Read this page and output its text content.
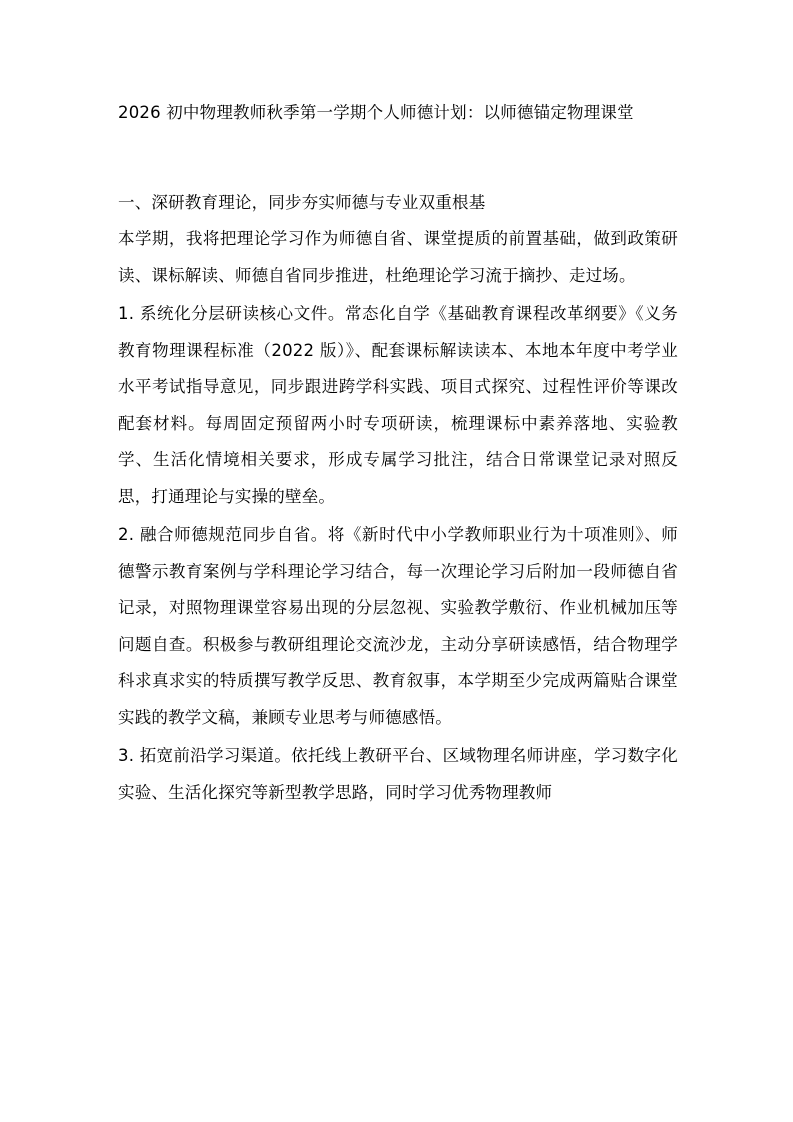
2026 初中物理教师秋季第一学期个人师德计划：以师德锚定物理课堂
一、深研教育理论，同步夯实师德与专业双重根基

本学期，我将把理论学习作为师德自省、课堂提质的前置基础，做到政策研读、课标解读、师德自省同步推进，杜绝理论学习流于摘抄、走过场。

1. 系统化分层研读核心文件。常态化自学《基础教育课程改革纲要》《义务教育物理课程标准（2022 版）》、配套课标解读读本、本地本年度中考学业水平考试指导意见，同步跟进跨学科实践、项目式探究、过程性评价等课改配套材料。每周固定预留两小时专项研读，梳理课标中素养落地、实验教学、生活化情境相关要求，形成专属学习批注，结合日常课堂记录对照反思，打通理论与实操的壁垒。

2. 融合师德规范同步自省。将《新时代中小学教师职业行为十项准则》、师德警示教育案例与学科理论学习结合，每一次理论学习后附加一段师德自省记录，对照物理课堂容易出现的分层忽视、实验教学敷衍、作业机械加压等问题自查。积极参与教研组理论交流沙龙，主动分享研读感悟，结合物理学科求真求实的特质撰写教学反思、教育叙事，本学期至少完成两篇贴合课堂实践的教学文稿，兼顾专业思考与师德感悟。

3. 拓宽前沿学习渠道。依托线上教研平台、区域物理名师讲座，学习数字化实验、生活化探究等新型教学思路，同时学习优秀物理教师
